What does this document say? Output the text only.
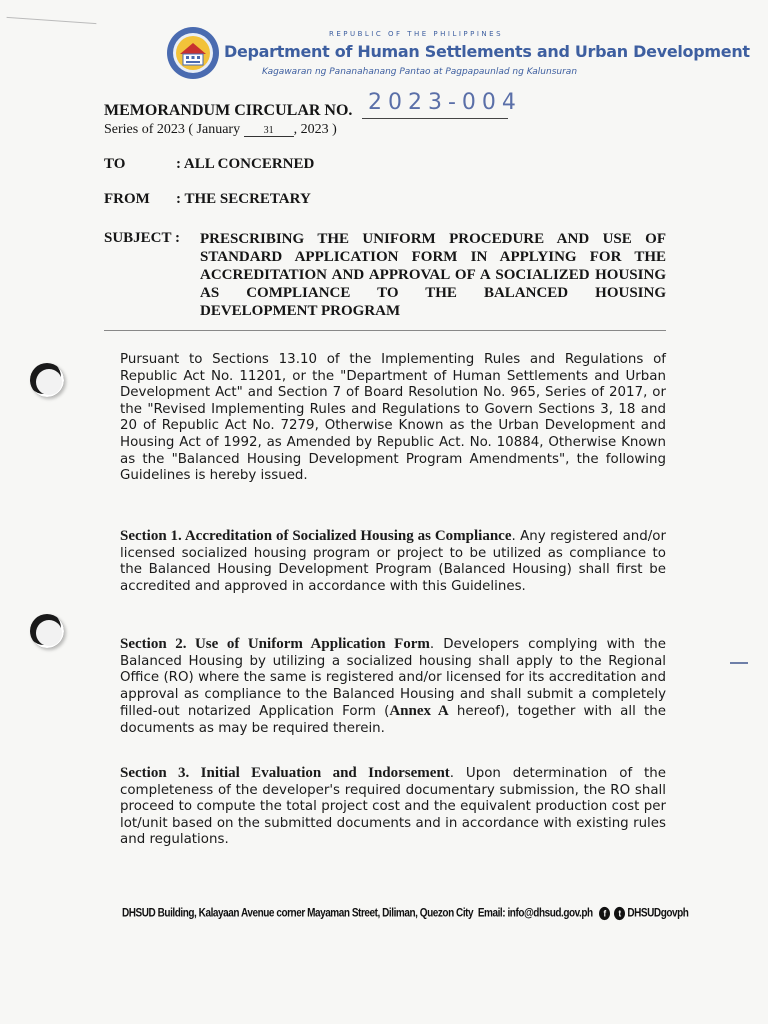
REPUBLIC OF THE PHILIPPINES
Department of Human Settlements and Urban Development
Kagawaran ng Pananahanang Pantao at Pagpapaunlad ng Kalunsuran
MEMORANDUM CIRCULAR NO. 2023-004
Series of 2023 ( January 31 , 2023 )
TO	: ALL CONCERNED
FROM : THE SECRETARY
SUBJECT : PRESCRIBING THE UNIFORM PROCEDURE AND USE OF STANDARD APPLICATION FORM IN APPLYING FOR THE ACCREDITATION AND APPROVAL OF A SOCIALIZED HOUSING AS COMPLIANCE TO THE BALANCED HOUSING DEVELOPMENT PROGRAM
Pursuant to Sections 13.10 of the Implementing Rules and Regulations of Republic Act No. 11201, or the "Department of Human Settlements and Urban Development Act" and Section 7 of Board Resolution No. 965, Series of 2017, or the "Revised Implementing Rules and Regulations to Govern Sections 3, 18 and 20 of Republic Act No. 7279, Otherwise Known as the Urban Development and Housing Act of 1992, as Amended by Republic Act. No. 10884, Otherwise Known as the "Balanced Housing Development Program Amendments", the following Guidelines is hereby issued.
Section 1. Accreditation of Socialized Housing as Compliance. Any registered and/or licensed socialized housing program or project to be utilized as compliance to the Balanced Housing Development Program (Balanced Housing) shall first be accredited and approved in accordance with this Guidelines.
Section 2. Use of Uniform Application Form. Developers complying with the Balanced Housing by utilizing a socialized housing shall apply to the Regional Office (RO) where the same is registered and/or licensed for its accreditation and approval as compliance to the Balanced Housing and shall submit a completely filled-out notarized Application Form (Annex A hereof), together with all the documents as may be required therein.
Section 3. Initial Evaluation and Indorsement. Upon determination of the completeness of the developer's required documentary submission, the RO shall proceed to compute the total project cost and the equivalent production cost per lot/unit based on the submitted documents and in accordance with existing rules and regulations.
DHSUD Building, Kalayaan Avenue corner Mayaman Street, Diliman, Quezon City Email: info@dhsud.gov.ph f t DHSUDgovph
